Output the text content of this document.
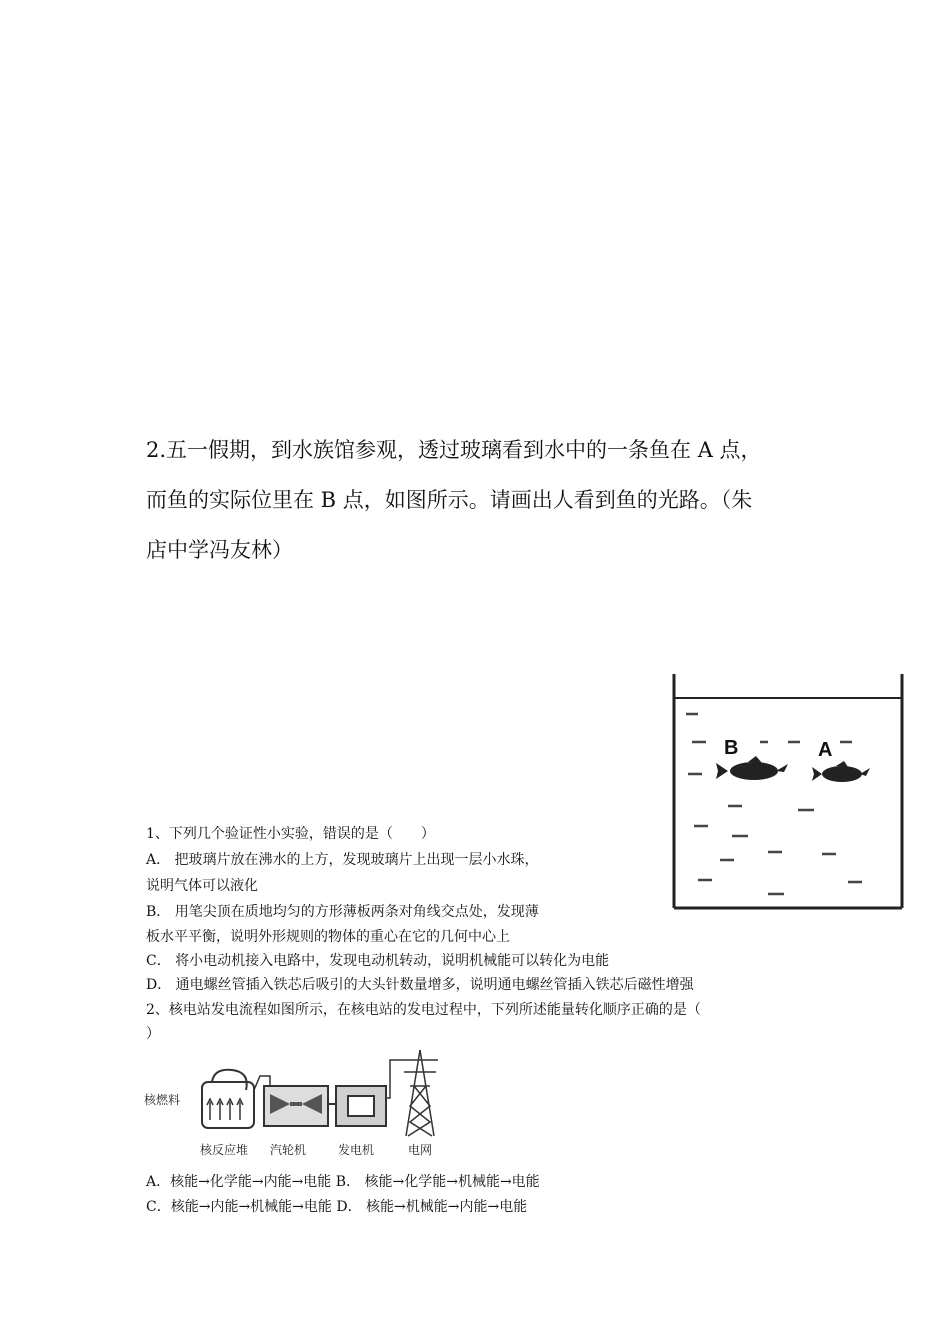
2.五一假期，到水族馆参观，透过玻璃看到水中的一条鱼在 A 点，
而鱼的实际位里在 B 点，如图所示。请画出人看到鱼的光路。（朱
店中学冯友林）
B	A
1、下列几个验证性小实验，错误的是（　　）
A． 把玻璃片放在沸水的上方，发现玻璃片上出现一层小水珠，
说明气体可以液化
B． 用笔尖顶在质地均匀的方形薄板两条对角线交点处，发现薄
板水平平衡，说明外形规则的物体的重心在它的几何中心上
C． 将小电动机接入电路中，发现电动机转动，说明机械能可以转化为电能
D． 通电螺丝管插入铁芯后吸引的大头针数量增多，说明通电螺丝管插入铁芯后磁性增强
2、核电站发电流程如图所示，在核电站的发电过程中，下列所述能量转化顺序正确的是（
）
核燃料
核反应堆 汽轮机	发电机	电网
A．核能→化学能→内能→电能 B． 核能→化学能→机械能→电能
C．核能→内能→机械能→电能 D． 核能→机械能→内能→电能
